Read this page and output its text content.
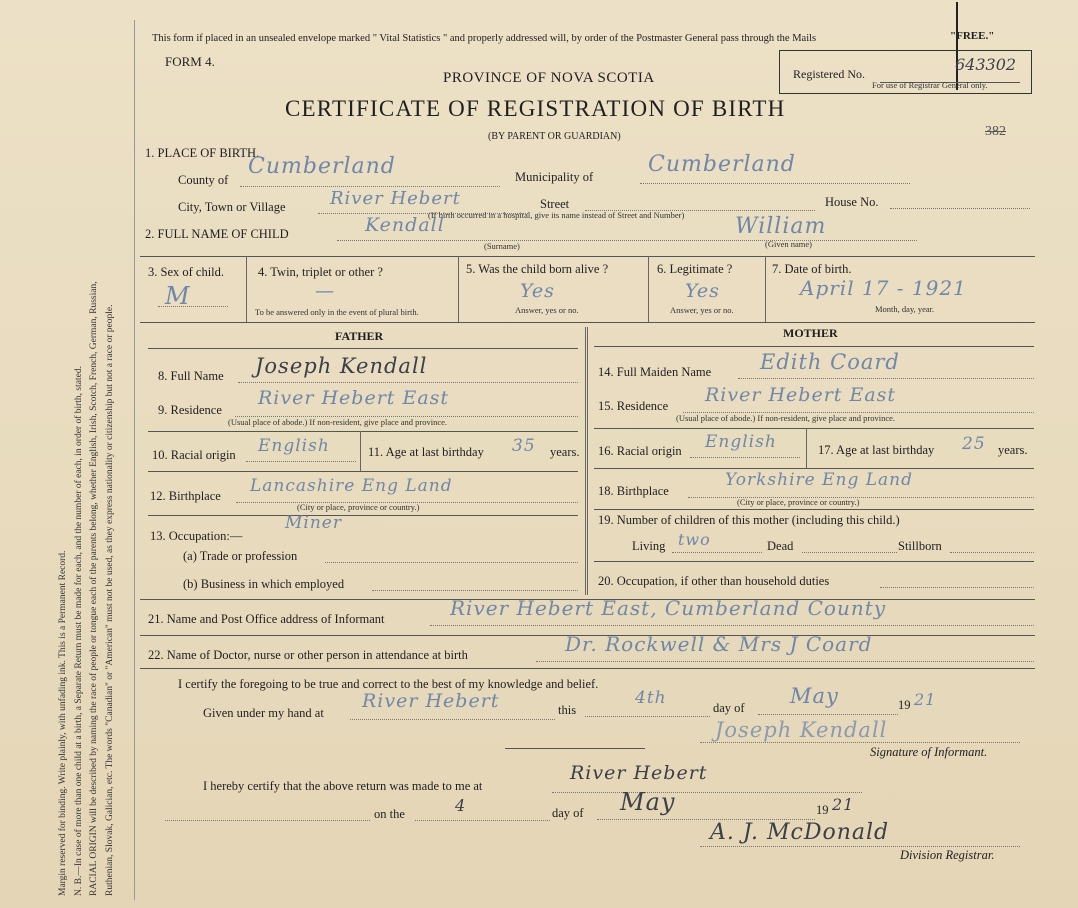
Margin reserved for binding. Write plainly, with unfading ink. This is a Permanent Record. N. B.—In case of more than one child at a birth, a Separate Return must be made for each, and the number of each, in order of birth, stated. RACIAL ORIGIN will be described by naming the race of people or tongue each of the parents belong, whether English, Irish, Scotch, French, German, Russian, Ruthenian, Slovak, Galician, etc. The words "Canadian" or "American" must not be used, as they express nationality or citizenship but not a race or people.
This form if placed in an unsealed envelope marked " Vital Statistics " and properly addressed will, by order of the Postmaster General pass through the Mails	"FREE."
FORM 4.
PROVINCE OF NOVA SCOTIA
CERTIFICATE OF REGISTRATION OF BIRTH
(BY PARENT OR GUARDIAN)
Registered No.	643302
For use of Registrar General only.
382
1. PLACE OF BIRTH.
County of
Cumberland	Municipality of Cumberland
City, Town or Village River Hebert	Street	House No.
(If birth occurred in a hospital, give its name instead of Street and Number)
2. FULL NAME OF CHILD	Kendall	William
(Surname)	(Given name)
3. Sex of child.
M
4. Twin, triplet or other ?
—
To be answered only in the event of plural birth.
5. Was the child born alive ?
Yes
Answer, yes or no.
6. Legitimate ?
Yes
Answer, yes or no.
7. Date of birth.
April 17 - 1921
Month, day, year.
FATHER	MOTHER
8. Full Name Joseph Kendall
9. Residence
River Hebert East
(Usual place of abode.) If non-resident, give place and province.
10. Racial origin English	11. Age at last birthday 35 years.
12. Birthplace Lancashire Eng Land
(City or place, province or country.)
13. Occupation:—
Miner
(a) Trade or profession
(b) Business in which employed
14. Full Maiden Name Edith Coard
15. Residence River Hebert East
(Usual place of abode.) If non-resident, give place and province.
16. Racial origin English	17. Age at last birthday 25 years.
18. Birthplace
Yorkshire Eng Land
(City or place, province or country.)
19. Number of children of this mother (including this child.)
Living two	Dead	Stillborn
20. Occupation, if other than household duties
21. Name and Post Office address of Informant	River Hebert East, Cumberland County
22. Name of Doctor, nurse or other person in attendance at birth	Dr. Rockwell & Mrs J Coard
I certify the foregoing to be true and correct to the best of my knowledge and belief.
Given under my hand at
River Hebert	this
4th	day of May	19 21
Joseph Kendall
Signature of Informant.
I hereby certify that the above return was made to me at
River Hebert
on the	4	day of May	19 21
A. J. McDonald
Division Registrar.
